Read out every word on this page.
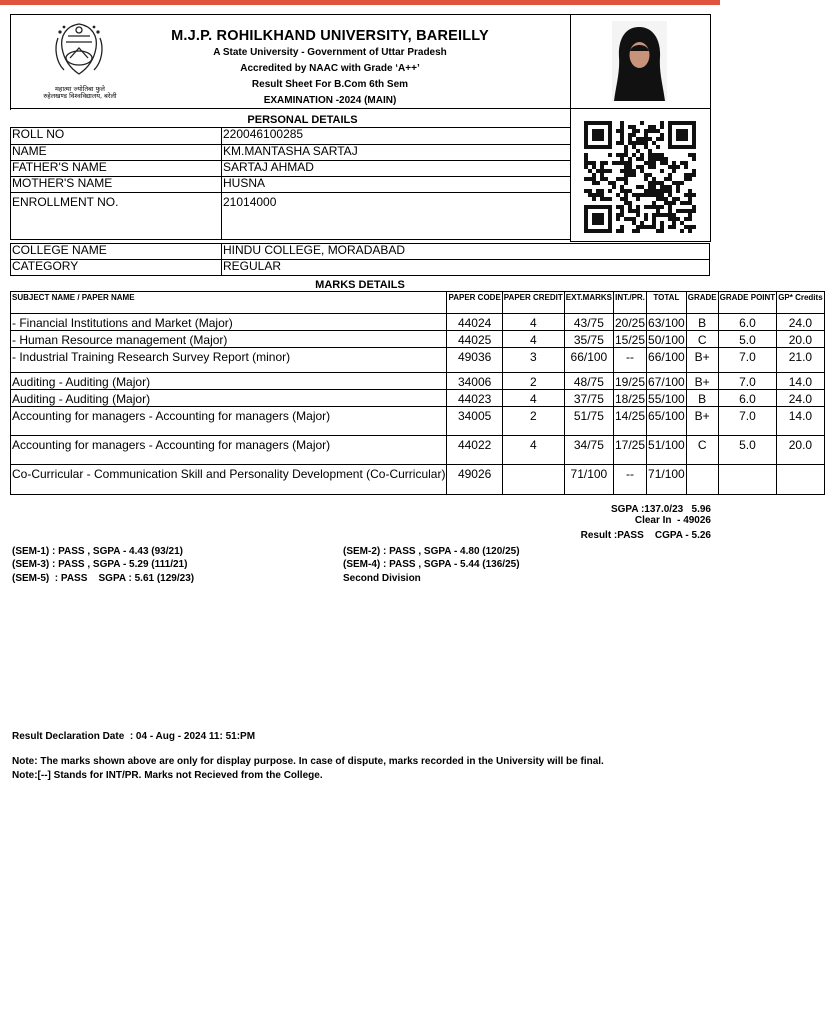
महात्मा ज्योतिबा फुले
रुहेलखण्ड विश्वविद्यालय, बरेली
M.J.P. ROHILKHAND UNIVERSITY, BAREILLY
A State University - Government of Uttar Pradesh
Accredited by NAAC with Grade ‘A++’
Result Sheet For B.Com 6th Sem
EXAMINATION -2024 (MAIN)
PERSONAL DETAILS
ROLL NO	220046100285
NAME	KM.MANTASHA SARTAJ
FATHER'S NAME	SARTAJ AHMAD
MOTHER'S NAME	HUSNA
ENROLLMENT NO.	21014000
COLLEGE NAME	HINDU COLLEGE, MORADABAD
CATEGORY	REGULAR
MARKS DETAILS
SUBJECT NAME / PAPER NAME	PAPER CODE	PAPER CREDIT	EXT.MARKS	INT./PR.	TOTAL	GRADE	GRADE POINT	GP* Credits
- Financial Institutions and Market (Major)	44024	4	43/75	20/25	63/100	B	6.0	24.0
- Human Resource management (Major)	44025	4	35/75	15/25	50/100	C	5.0	20.0
- Industrial Training Research Survey Report (minor)	49036	3	66/100	--	66/100	B+	7.0	21.0
Auditing - Auditing (Major)	34006	2	48/75	19/25	67/100	B+	7.0	14.0
Auditing - Auditing (Major)	44023	4	37/75	18/25	55/100	B	6.0	24.0
Accounting for managers - Accounting for managers (Major)	34005	2	51/75	14/25	65/100	B+	7.0	14.0
Accounting for managers - Accounting for managers (Major)	44022	4	34/75	17/25	51/100	C	5.0	20.0
Co-Curricular - Communication Skill and Personality Development (Co-Curricular)	49026		71/100	--	71/100			
SGPA :137.0/23   5.96
Clear In  - 49026
Result :PASS    CGPA - 5.26
(SEM-1) : PASS , SGPA - 4.43 (93/21)	(SEM-2) : PASS , SGPA - 4.80 (120/25)
(SEM-3) : PASS , SGPA - 5.29 (111/21)	(SEM-4) : PASS , SGPA - 5.44 (136/25)
(SEM-5)  : PASS    SGPA : 5.61 (129/23)	Second Division
Result Declaration Date  : 04 - Aug - 2024 11: 51:PM
Note: The marks shown above are only for display purpose. In case of dispute, marks recorded in the University will be final.
Note:[--] Stands for INT/PR. Marks not Recieved from the College.
